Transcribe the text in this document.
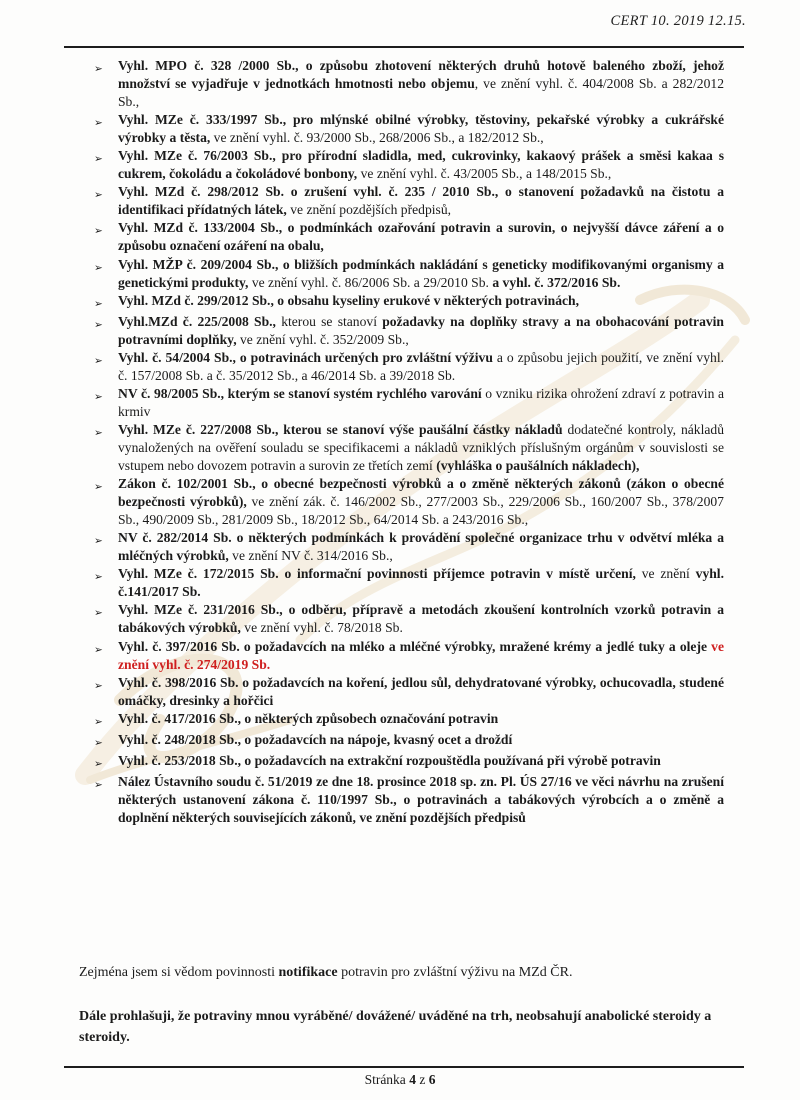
CERT 10. 2019 12.15.
➢	Vyhl. MPO č. 328 /2000 Sb., o způsobu zhotovení některých druhů hotově baleného zboží, jehož množství se vyjadřuje v jednotkách hmotnosti nebo objemu, ve znění vyhl. č. 404/2008 Sb. a 282/2012 Sb.,
➢	Vyhl. MZe č. 333/1997 Sb., pro mlýnské obilné výrobky, těstoviny, pekařské výrobky a cukrářské výrobky a těsta, ve znění vyhl. č. 93/2000 Sb., 268/2006 Sb., a 182/2012 Sb.,
➢	Vyhl. MZe č. 76/2003 Sb., pro přírodní sladidla, med, cukrovinky, kakaový prášek a směsi kakaa s cukrem, čokoládu a čokoládové bonbony, ve znění vyhl. č. 43/2005 Sb., a 148/2015 Sb.,
➢	Vyhl. MZd č. 298/2012 Sb. o zrušení vyhl. č. 235 / 2010 Sb., o stanovení požadavků na čistotu a identifikaci přídatných látek, ve znění pozdějších předpisů,
➢	Vyhl. MZd č. 133/2004 Sb., o podmínkách ozařování potravin a surovin, o nejvyšší dávce záření a o způsobu označení ozáření na obalu,
➢	Vyhl. MŽP č. 209/2004 Sb., o bližších podmínkách nakládání s geneticky modifikovanými organismy a genetickými produkty, ve znění vyhl. č. 86/2006 Sb. a 29/2010 Sb. a vyhl. č. 372/2016 Sb.
➢	Vyhl. MZd č. 299/2012 Sb., o obsahu kyseliny erukové v některých potravinách,
➢	Vyhl.MZd č. 225/2008 Sb., kterou se stanoví požadavky na doplňky stravy a na obohacování potravin potravními doplňky, ve znění vyhl. č. 352/2009 Sb.,
➢	Vyhl. č. 54/2004 Sb., o potravinách určených pro zvláštní výživu a o způsobu jejich použití, ve znění vyhl. č. 157/2008 Sb. a č. 35/2012 Sb., a 46/2014 Sb. a 39/2018 Sb.
➢	NV č. 98/2005 Sb., kterým se stanoví systém rychlého varování o vzniku rizika ohrožení zdraví z potravin a krmiv
➢	Vyhl. MZe č. 227/2008 Sb., kterou se stanoví výše paušální částky nákladů dodatečné kontroly, nákladů vynaložených na ověření souladu se specifikacemi a nákladů vzniklých příslušným orgánům v souvislosti se vstupem nebo dovozem potravin a surovin ze třetích zemí (vyhláška o paušálních nákladech),
➢	Zákon č. 102/2001 Sb., o obecné bezpečnosti výrobků a o změně některých zákonů (zákon o obecné bezpečnosti výrobků), ve znění zák. č. 146/2002 Sb., 277/2003 Sb., 229/2006 Sb., 160/2007 Sb., 378/2007 Sb., 490/2009 Sb., 281/2009 Sb., 18/2012 Sb., 64/2014 Sb. a 243/2016 Sb.,
➢	NV č. 282/2014 Sb. o některých podmínkách k provádění společné organizace trhu v odvětví mléka a mléčných výrobků, ve znění NV č. 314/2016 Sb.,
➢	Vyhl. MZe č. 172/2015 Sb. o informační povinnosti příjemce potravin v místě určení, ve znění vyhl. č.141/2017 Sb.
➢	Vyhl. MZe č. 231/2016 Sb., o odběru, přípravě a metodách zkoušení kontrolních vzorků potravin a tabákových výrobků, ve znění vyhl. č. 78/2018 Sb.
➢	Vyhl. č. 397/2016 Sb. o požadavcích na mléko a mléčné výrobky, mražené krémy a jedlé tuky a oleje ve znění vyhl. č. 274/2019 Sb.
➢	Vyhl. č. 398/2016 Sb. o požadavcích na koření, jedlou sůl, dehydratované výrobky, ochucovadla, studené omáčky, dresinky a hořčici
➢	Vyhl. č. 417/2016 Sb., o některých způsobech označování potravin
➢	Vyhl. č. 248/2018 Sb., o požadavcích na nápoje, kvasný ocet a droždí
➢	Vyhl. č. 253/2018 Sb., o požadavcích na extrakční rozpouštědla používaná při výrobě potravin
➢	Nález Ústavního soudu č. 51/2019 ze dne 18. prosince 2018 sp. zn. Pl. ÚS 27/16 ve věci návrhu na zrušení některých ustanovení zákona č. 110/1997 Sb., o potravinách a tabákových výrobcích a o změně a doplnění některých souvisejících zákonů, ve znění pozdějších předpisů

Zejména jsem si vědom povinnosti notifikace potravin pro zvláštní výživu na MZd ČR.

Dále prohlašuji, že potraviny mnou vyráběné/ dovážené/ uváděné na trh, neobsahují anabolické steroidy a steroidy.

Stránka 4 z 6
